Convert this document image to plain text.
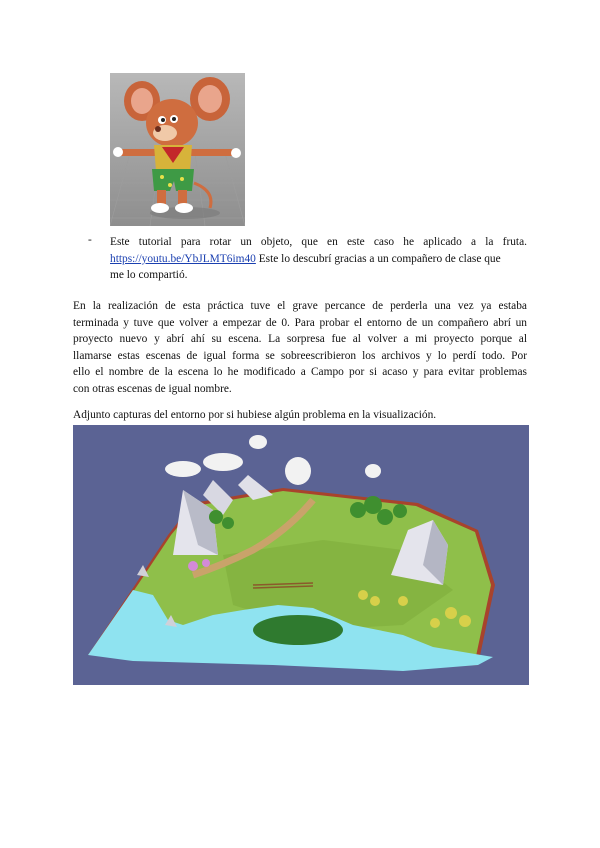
- Este tutorial para rotar un objeto, que en este caso he aplicado a la fruta.
https://youtu.be/YbJLMT6im40 Este lo descubrí gracias a un compañero de clase que
me lo compartió.
En la realización de esta práctica tuve el grave percance de perderla una vez ya estaba
terminada y tuve que volver a empezar de 0. Para probar el entorno de un compañero abrí un
proyecto nuevo y abrí ahí su escena. La sorpresa fue al volver a mi proyecto porque al
llamarse estas escenas de igual forma se sobreescribieron los archivos y lo perdí todo. Por
ello el nombre de la escena lo he modificado a Campo por si acaso y para evitar problemas
con otras escenas de igual nombre.
Adjunto capturas del entorno por si hubiese algún problema en la visualización.
